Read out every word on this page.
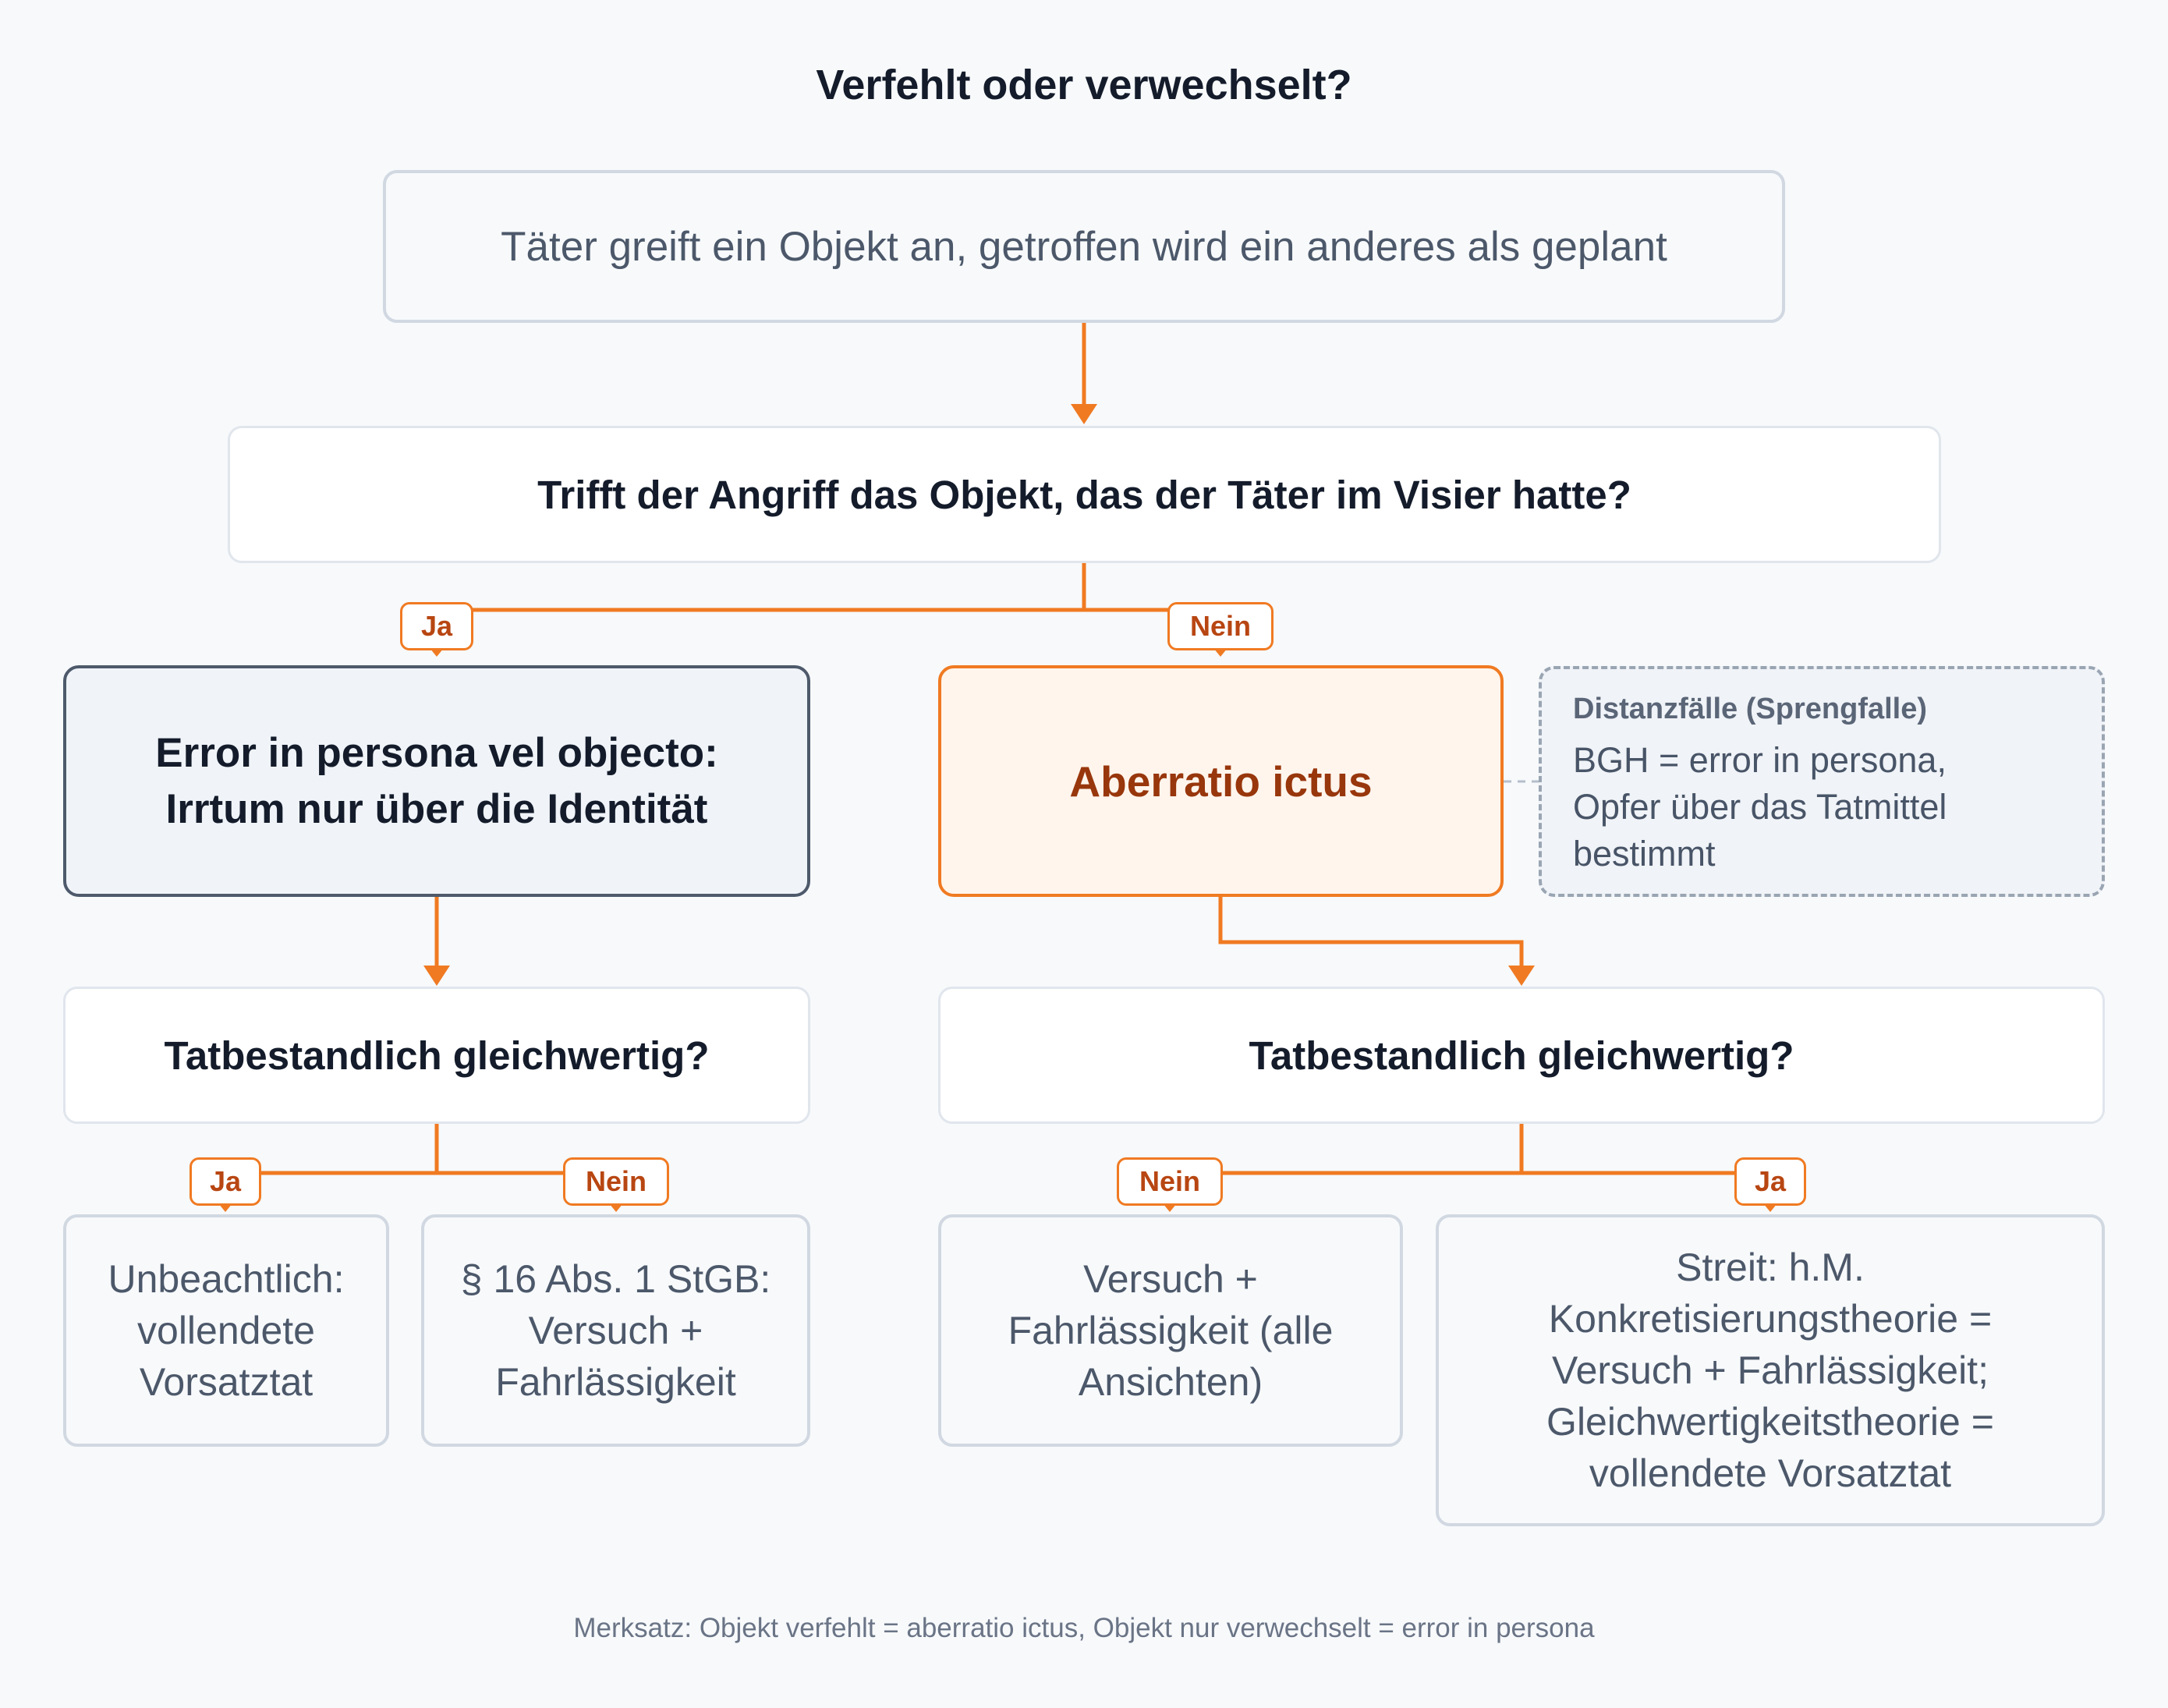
Verfehlt oder verwechselt?
Täter greift ein Objekt an, getroffen wird ein anderes als geplant
Trifft der Angriff das Objekt, das der Täter im Visier hatte?
Ja	Nein
Error in persona vel objecto:
Irrtum nur über die Identität
Aberratio ictus
Distanzfälle (Sprengfalle)
BGH = error in persona,
Opfer über das Tatmittel
bestimmt
Tatbestandlich gleichwertig?	Tatbestandlich gleichwertig?
Ja	Nein	Nein	Ja
Unbeachtlich:
vollendete
Vorsatztat
§ 16 Abs. 1 StGB:
Versuch +
Fahrlässigkeit
Versuch +
Fahrlässigkeit (alle
Ansichten)
Streit: h.M.
Konkretisierungstheorie =
Versuch + Fahrlässigkeit;
Gleichwertigkeitstheorie =
vollendete Vorsatztat
Merksatz: Objekt verfehlt = aberratio ictus, Objekt nur verwechselt = error in persona
